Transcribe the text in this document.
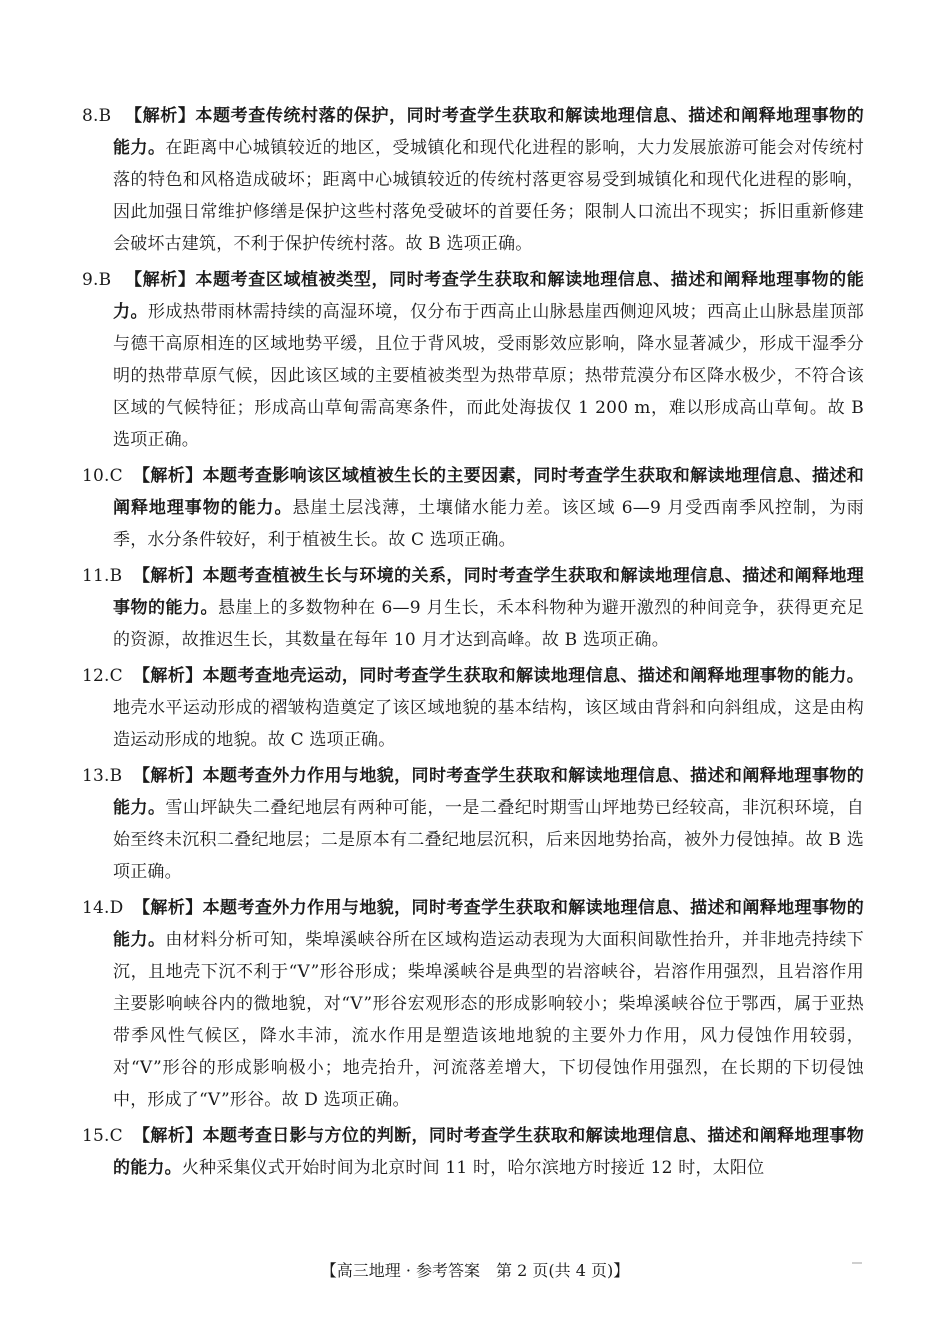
8.B 【解析】本题考查传统村落的保护，同时考查学生获取和解读地理信息、描述和阐释地理事物的能力。在距离中心城镇较近的地区，受城镇化和现代化进程的影响，大力发展旅游可能会对传统村落的特色和风格造成破坏；距离中心城镇较近的传统村落更容易受到城镇化和现代化进程的影响，因此加强日常维护修缮是保护这些村落免受破坏的首要任务；限制人口流出不现实；拆旧重新修建会破坏古建筑，不利于保护传统村落。故 B 选项正确。
9.B 【解析】本题考查区域植被类型，同时考查学生获取和解读地理信息、描述和阐释地理事物的能力。形成热带雨林需持续的高湿环境，仅分布于西高止山脉悬崖西侧迎风坡；西高止山脉悬崖顶部与德干高原相连的区域地势平缓，且位于背风坡，受雨影效应影响，降水显著减少，形成干湿季分明的热带草原气候，因此该区域的主要植被类型为热带草原；热带荒漠分布区降水极少，不符合该区域的气候特征；形成高山草甸需高寒条件，而此处海拔仅 1 200 m，难以形成高山草甸。故 B 选项正确。
10.C 【解析】本题考查影响该区域植被生长的主要因素，同时考查学生获取和解读地理信息、描述和阐释地理事物的能力。悬崖土层浅薄，土壤储水能力差。该区域 6—9 月受西南季风控制，为雨季，水分条件较好，利于植被生长。故 C 选项正确。
11.B 【解析】本题考查植被生长与环境的关系，同时考查学生获取和解读地理信息、描述和阐释地理事物的能力。悬崖上的多数物种在 6—9 月生长，禾本科物种为避开激烈的种间竞争，获得更充足的资源，故推迟生长，其数量在每年 10 月才达到高峰。故 B 选项正确。
12.C 【解析】本题考查地壳运动，同时考查学生获取和解读地理信息、描述和阐释地理事物的能力。地壳水平运动形成的褶皱构造奠定了该区域地貌的基本结构，该区域由背斜和向斜组成，这是由构造运动形成的地貌。故 C 选项正确。
13.B 【解析】本题考查外力作用与地貌，同时考查学生获取和解读地理信息、描述和阐释地理事物的能力。雪山坪缺失二叠纪地层有两种可能，一是二叠纪时期雪山坪地势已经较高，非沉积环境，自始至终未沉积二叠纪地层；二是原本有二叠纪地层沉积，后来因地势抬高，被外力侵蚀掉。故 B 选项正确。
14.D 【解析】本题考查外力作用与地貌，同时考查学生获取和解读地理信息、描述和阐释地理事物的能力。由材料分析可知，柴埠溪峡谷所在区域构造运动表现为大面积间歇性抬升，并非地壳持续下沉，且地壳下沉不利于“V”形谷形成；柴埠溪峡谷是典型的岩溶峡谷，岩溶作用强烈，且岩溶作用主要影响峡谷内的微地貌，对“V”形谷宏观形态的形成影响较小；柴埠溪峡谷位于鄂西，属于亚热带季风性气候区，降水丰沛，流水作用是塑造该地地貌的主要外力作用，风力侵蚀作用较弱，对“V”形谷的形成影响极小；地壳抬升，河流落差增大，下切侵蚀作用强烈，在长期的下切侵蚀中，形成了“V”形谷。故 D 选项正确。
15.C 【解析】本题考查日影与方位的判断，同时考查学生获取和解读地理信息、描述和阐释地理事物的能力。火种采集仪式开始时间为北京时间 11 时，哈尔滨地方时接近 12 时，太阳位
【高三地理 · 参考答案　第 2 页(共 4 页)】
